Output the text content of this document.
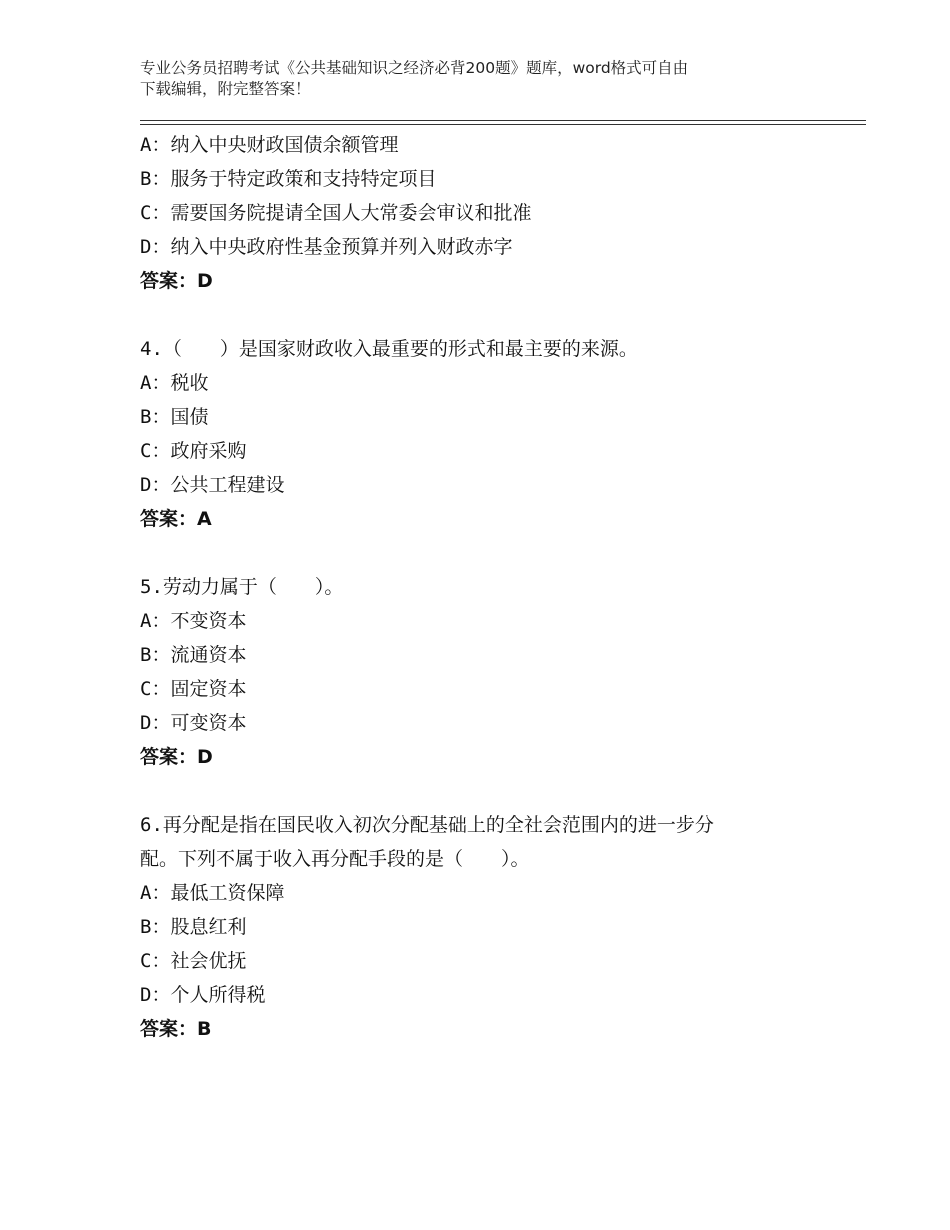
专业公务员招聘考试《公共基础知识之经济必背200题》题库，word格式可自由
下载编辑，附完整答案！
A：纳入中央财政国债余额管理
B：服务于特定政策和支持特定项目
C：需要国务院提请全国人大常委会审议和批准
D：纳入中央政府性基金预算并列入财政赤字
答案：D
4.（　　）是国家财政收入最重要的形式和最主要的来源。
A：税收
B：国债
C：政府采购
D：公共工程建设
答案：A
5.劳动力属于（　　）。
A：不变资本
B：流通资本
C：固定资本
D：可变资本
答案：D
6.再分配是指在国民收入初次分配基础上的全社会范围内的进一步分
配。下列不属于收入再分配手段的是（　　）。
A：最低工资保障
B：股息红利
C：社会优抚
D：个人所得税
答案：B
